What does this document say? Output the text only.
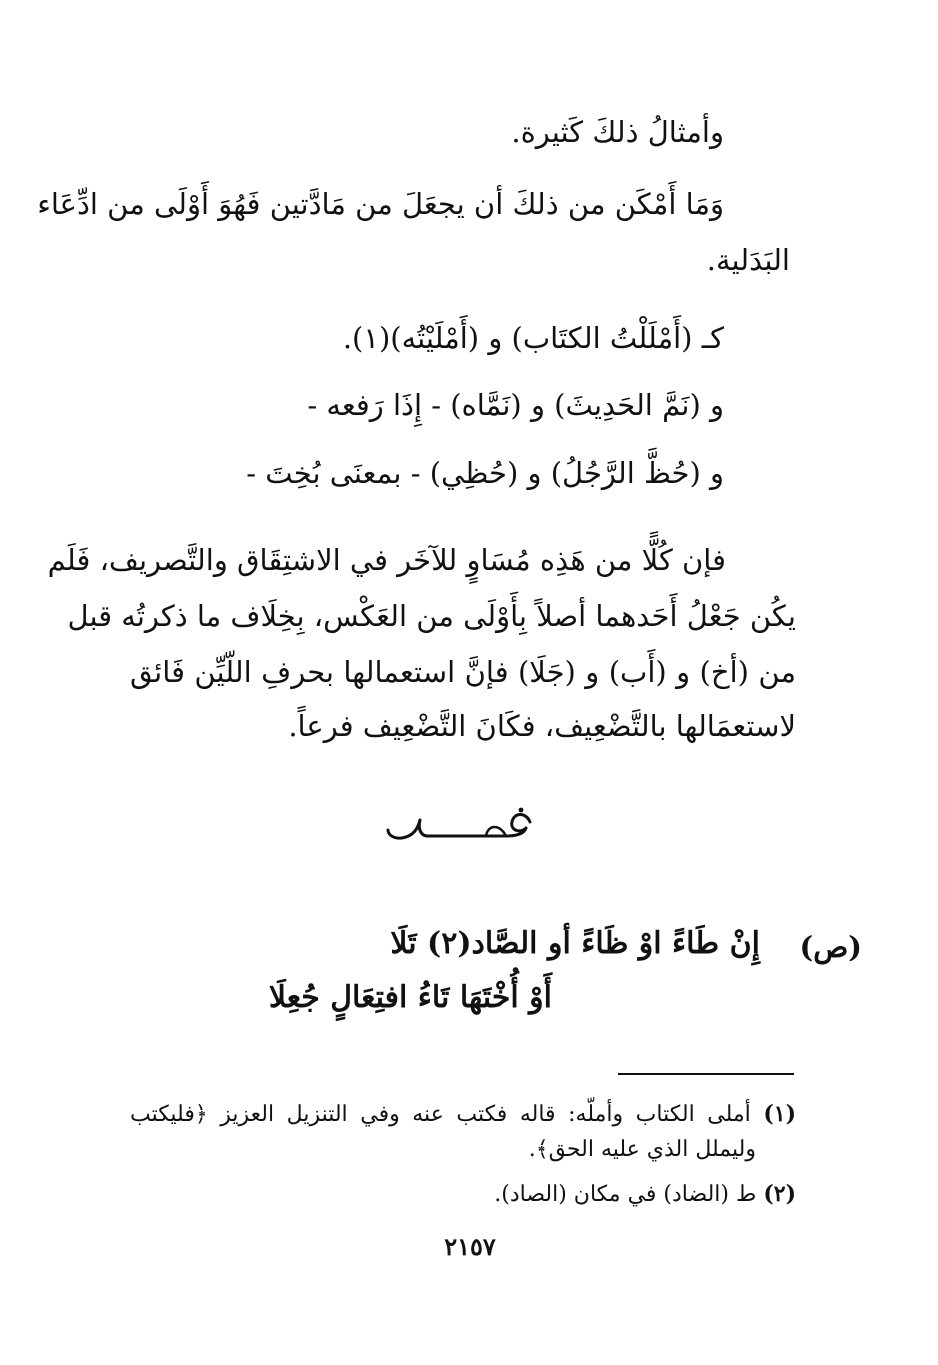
وأمثالُ ذلكَ كَثيرة.
وَمَا أَمْكَن من ذلكَ أن يجعَلَ من مَادَّتين فَهُوَ أَوْلَى من ادِّعَاء
البَدَلية.
كـ (أَمْلَلْتُ الكتَاب) و (أَمْلَيْتُه)(١).
و (نَمَّ الحَدِيثَ) و (نَمَّاه) - إِذَا رَفعه -
و (حُظَّ الرَّجُلُ) و (حُظِي) - بمعنَى بُخِتَ -
فإن كُلًّا من هَذِه مُسَاوٍ للآخَر في الاشتِقَاق والتَّصريف، فَلَم
يكُن جَعْلُ أَحَدهما أصلاً بِأَوْلَى من العَكْس، بِخِلَاف ما ذكرتُه قبل
من (أخ) و (أَب) و (جَلَا) فإنَّ استعمالها بحرفِ اللّيِّن فَائق
لاستعمَالها بالتَّضْعِيف، فكَانَ التَّضْعِيف فرعاً.
(ص)
إِنْ طَاءً اوْ ظَاءً أو الصَّاد(٢) تَلَا
أَوْ أُخْتَهَا تَاءُ افتِعَالٍ جُعِلَا
(١) أملى الكتاب وأملّه: قاله فكتب عنه وفي التنزيل العزيز ﴿فليكتب
وليملل الذي عليه الحق﴾.
(٢) ط (الضاد) في مكان (الصاد).
٢١٥٧
